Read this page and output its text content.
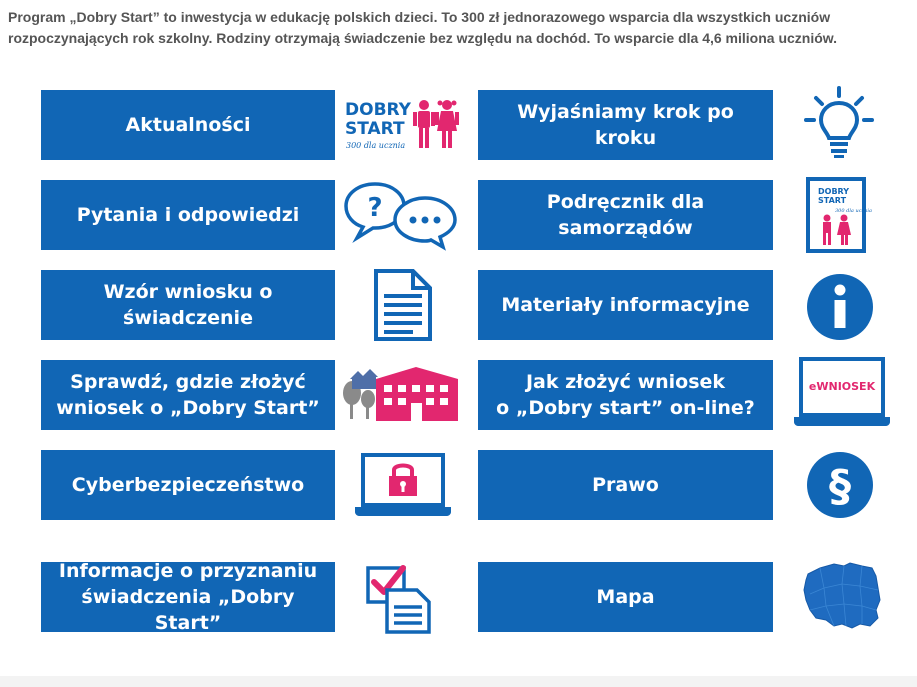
Program „Dobry Start” to inwestycja w edukację polskich dzieci. To 300 zł jednorazowego wsparcia dla wszystkich uczniów rozpoczynających rok szkolny. Rodziny otrzymają świadczenie bez względu na dochód. To wsparcie dla 4,6 miliona uczniów.

Aktualności
Pytania i odpowiedzi
Wzór wniosku o świadczenie
Sprawdź, gdzie złożyć
wniosek o „Dobry Start”
Cyberbezpieczeństwo
Informacje o przyznaniu
świadczenia „Dobry Start”
Wyjaśniamy krok po kroku
Podręcznik dla samorządów
Materiały informacyjne
Jak złożyć wniosek
o „Dobry start” on-line?
Prawo
Mapa
DOBRY
START
300 dla ucznia
?
DOBRY
START
300 dla ucznia
eWNIOSEK
§
